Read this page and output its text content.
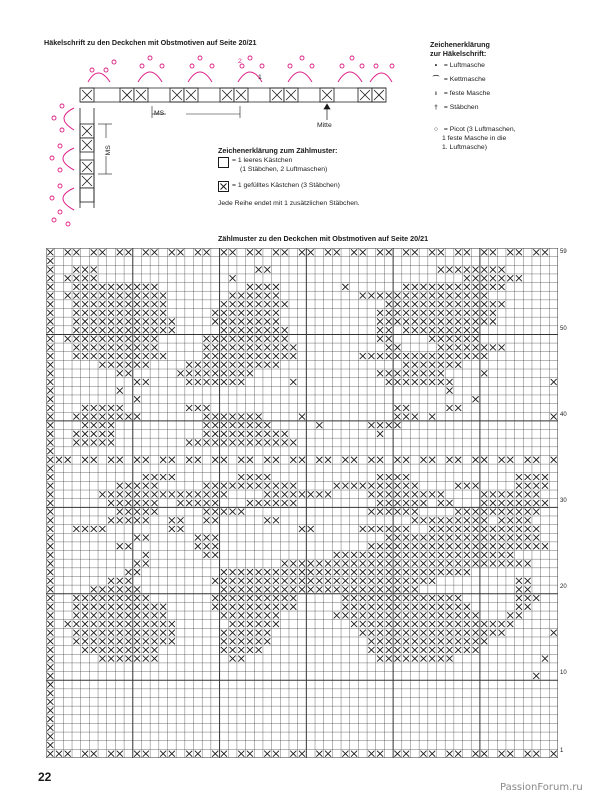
Häkelschrift zu den Deckchen mit Obstmotiven auf Seite 20/21
MS
MS
Mitte
2
1
Zeichenerklärung
zur Häkelschrift:
• = Luftmasche
⌒ = Kettmasche
ı = feste Masche
† = Stäbchen
○ = Picot (3 Luftmaschen,
1 feste Masche in die
1. Luftmasche)
Zeichenerklärung zum Zählmuster:
= 1 leeres Kästchen
(1 Stäbchen, 2 Luftmaschen)
= 1 gefülltes Kästchen (3 Stäbchen)
Jede Reihe endet mit 1 zusätzlichen Stäbchen.
Zählmuster zu den Deckchen mit Obstmotiven auf Seite 20/21
59
50
40
30
20
10
1
22
PassionForum.ru
